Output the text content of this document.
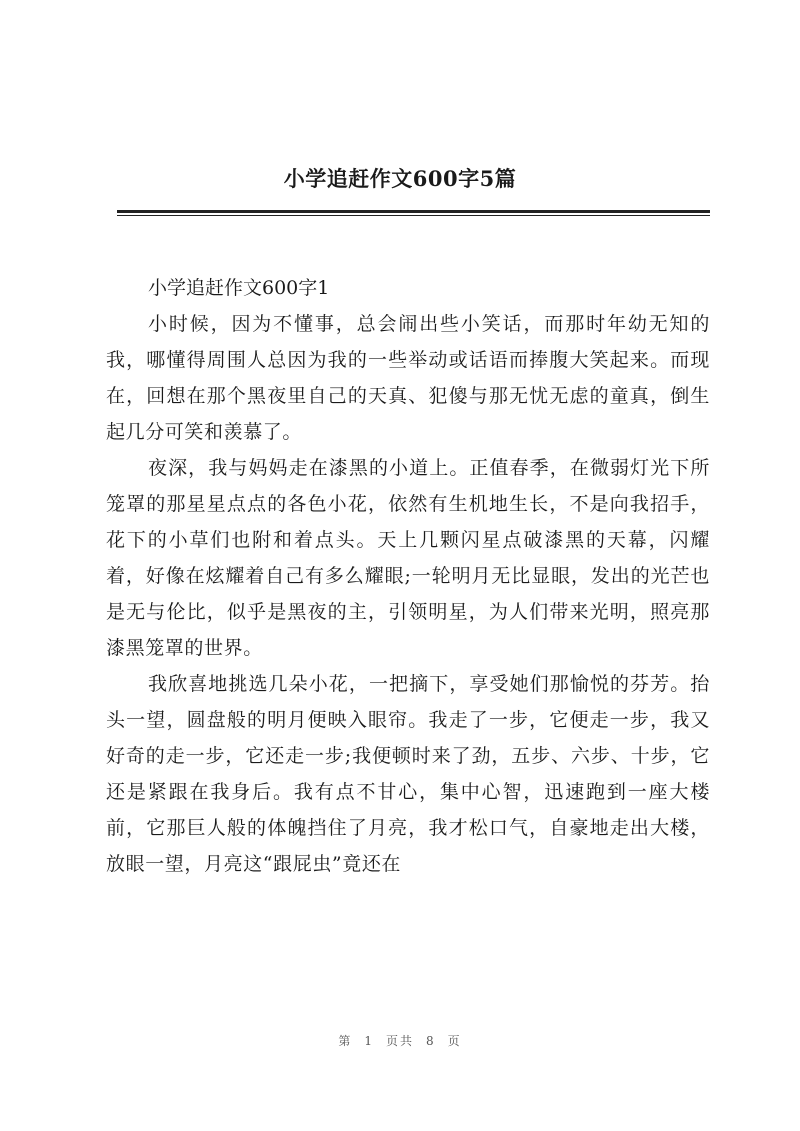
小学追赶作文600字5篇
小学追赶作文600字1

小时候，因为不懂事，总会闹出些小笑话，而那时年幼无知的我，哪懂得周围人总因为我的一些举动或话语而捧腹大笑起来。而现在，回想在那个黑夜里自己的天真、犯傻与那无忧无虑的童真，倒生起几分可笑和羡慕了。

夜深，我与妈妈走在漆黑的小道上。正值春季，在微弱灯光下所笼罩的那星星点点的各色小花，依然有生机地生长，不是向我招手，花下的小草们也附和着点头。天上几颗闪星点破漆黑的天幕，闪耀着，好像在炫耀着自己有多么耀眼;一轮明月无比显眼，发出的光芒也是无与伦比，似乎是黑夜的主，引领明星，为人们带来光明，照亮那漆黑笼罩的世界。

我欣喜地挑选几朵小花，一把摘下，享受她们那愉悦的芬芳。抬头一望，圆盘般的明月便映入眼帘。我走了一步，它便走一步，我又好奇的走一步，它还走一步;我便顿时来了劲，五步、六步、十步，它还是紧跟在我身后。我有点不甘心，集中心智，迅速跑到一座大楼前，它那巨人般的体魄挡住了月亮，我才松口气，自豪地走出大楼，放眼一望，月亮这“跟屁虫”竟还在

第 1 页共 8 页
